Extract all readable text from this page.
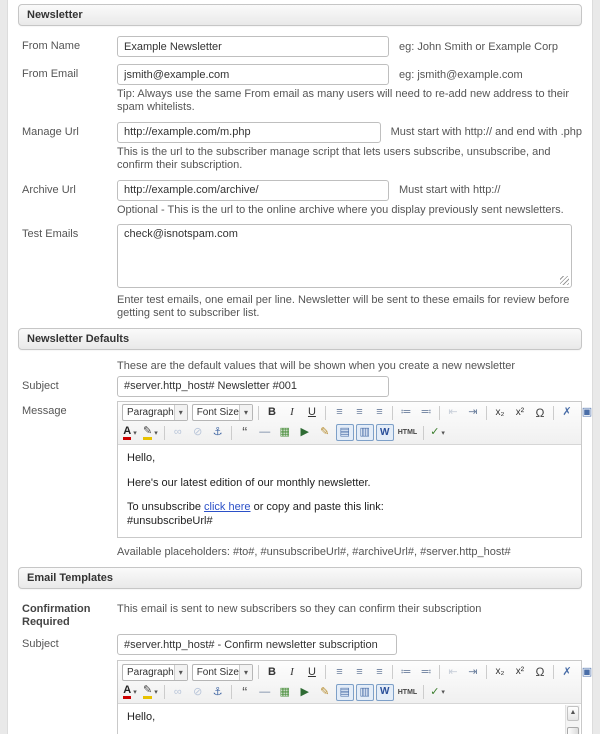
Newsletter
From Name
Example Newsletter	eg: John Smith or Example Corp
From Email
jsmith@example.com	eg: jsmith@example.com
Tip: Always use the same From email as many users will need to re-add new address to their spam whitelists.
Manage Url
http://example.com/m.php	Must start with http:// and end with .php
This is the url to the subscriber manage script that lets users subscribe, unsubscribe, and confirm their subscription.
Archive Url
http://example.com/archive/	Must start with http://
Optional - This is the url to the online archive where you display previously sent newsletters.
Test Emails
check@isnotspam.com
Enter test emails, one email per line. Newsletter will be sent to these emails for review before getting sent to subscriber list.
Newsletter Defaults
These are the default values that will be shown when you create a new newsletter
Subject
#server.http_host# Newsletter #001
Message	Paragraph ▾	Font Size ▾	B I U ≡ ≡ ≡ ≔ ≕ ⇤ ⇥ x₂ x² Ω ✗ ▣
A ▾ ✎ ▾ ∞ ⊘ ⚓ “ — ▦ ▶ ✎ ▤ ▥ W HTML ✓ ▾
Hello,
Here's our latest edition of our monthly newsletter.
To unsubscribe click here or copy and paste this link:
#unsubscribeUrl#
Available placeholders: #to#, #unsubscribeUrl#, #archiveUrl#, #server.http_host#
Email Templates
Confirmation Required
This email is sent to new subscribers so they can confirm their subscription
Subject
#server.http_host# - Confirm newsletter subscription
Paragraph ▾	Font Size ▾	B I U ≡ ≡ ≡ ≔ ≕ ⇤ ⇥ x₂ x² Ω ✗ ▣
A ▾ ✎ ▾ ∞ ⊘ ⚓ “ — ▦ ▶ ✎ ▤ ▥ W HTML ✓ ▾
▲

Hello,
